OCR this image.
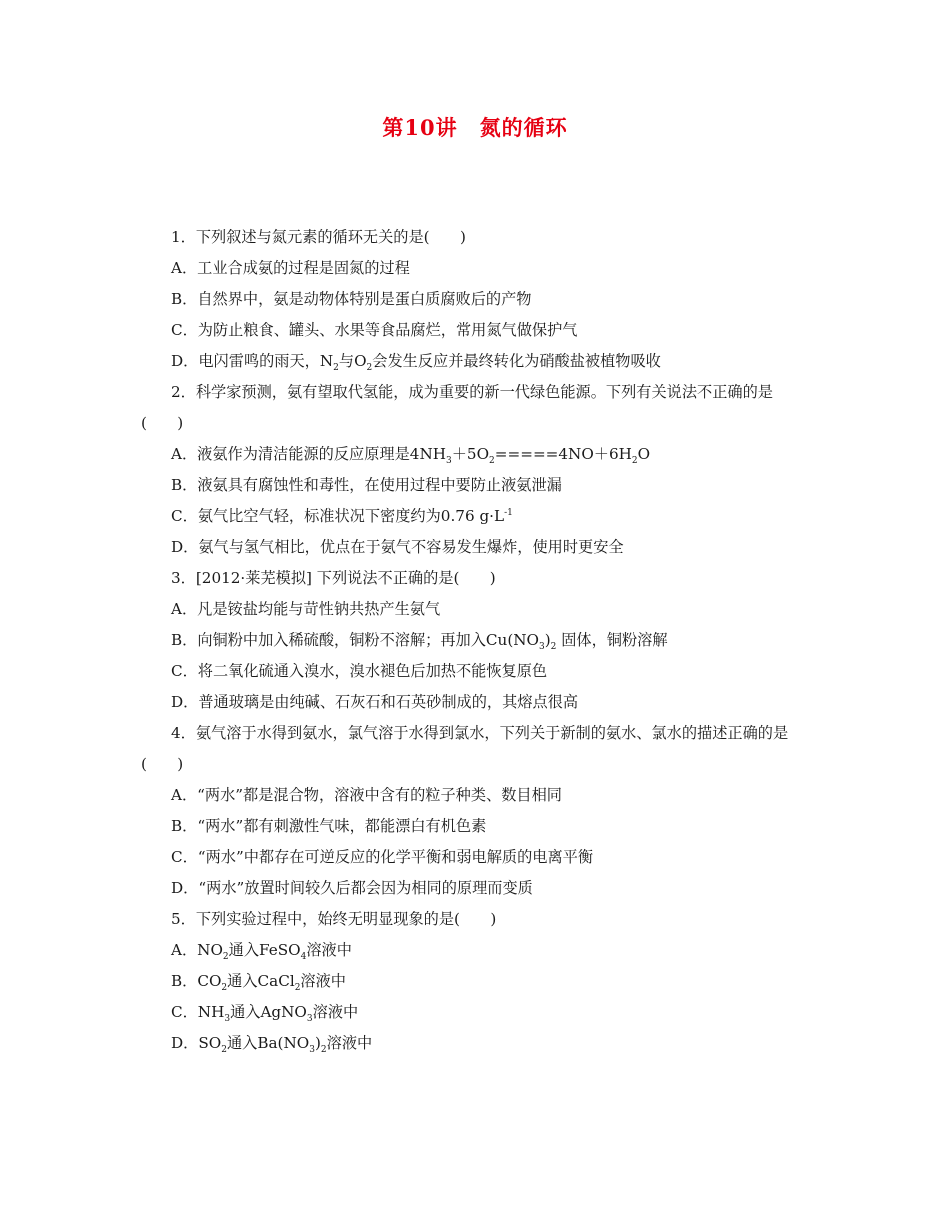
第10讲　氮的循环

1．下列叙述与氮元素的循环无关的是(　　)

A．工业合成氨的过程是固氮的过程

B．自然界中，氨是动物体特别是蛋白质腐败后的产物

C．为防止粮食、罐头、水果等食品腐烂，常用氮气做保护气

D．电闪雷鸣的雨天，$N_2$与$O_2$会发生反应并最终转化为硝酸盐被植物吸收

2．科学家预测，氨有望取代氢能，成为重要的新一代绿色能源。下列有关说法不正确的是(　　)

A．液氨作为清洁能源的反应原理是$4NH_3+5O_2=====4NO+6H_2O$

B．液氨具有腐蚀性和毒性，在使用过程中要防止液氨泄漏

C．氨气比空气轻，标准状况下密度约为0.76 $g\cdot L^{-1}$

D．氨气与氢气相比，优点在于氨气不容易发生爆炸，使用时更安全

3．[2012·莱芜模拟] 下列说法不正确的是(　　)

A．凡是铵盐均能与苛性钠共热产生氨气

B．向铜粉中加入稀硫酸，铜粉不溶解；再加入$Cu(NO_3)_2$ 固体，铜粉溶解

C．将二氧化硫通入溴水，溴水褪色后加热不能恢复原色

D．普通玻璃是由纯碱、石灰石和石英砂制成的，其熔点很高

4．氨气溶于水得到氨水，氯气溶于水得到氯水，下列关于新制的氨水、氯水的描述正确的是(　　)

A．“两水”都是混合物，溶液中含有的粒子种类、数目相同

B．“两水”都有刺激性气味，都能漂白有机色素

C．“两水”中都存在可逆反应的化学平衡和弱电解质的电离平衡

D．“两水”放置时间较久后都会因为相同的原理而变质

5．下列实验过程中，始终无明显现象的是(　　)

A．$NO_2$通入FeSO$_4$溶液中

B．$CO_2$通入CaCl$_2$溶液中

C．$NH_3$通入AgNO$_3$溶液中

D．$SO_2$通入$Ba(NO_3)_2$溶液中
